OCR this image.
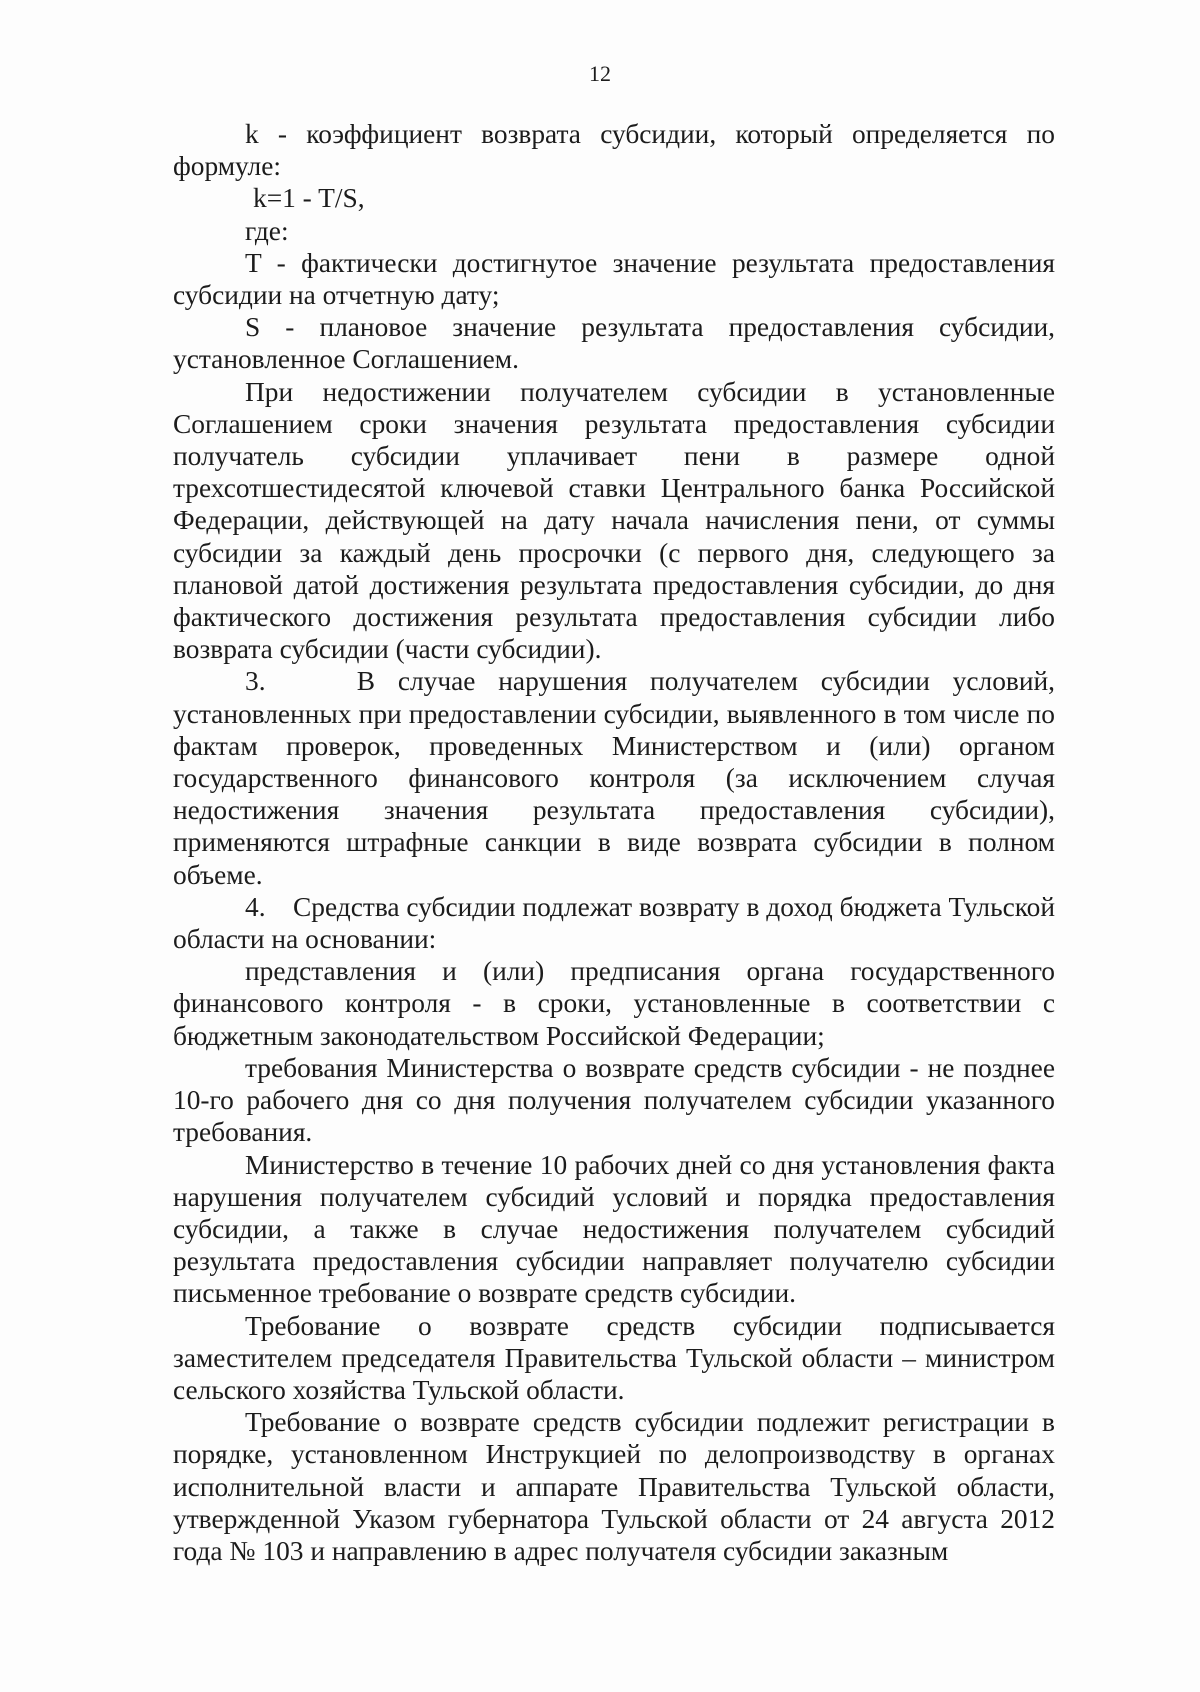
12

k - коэффициент возврата субсидии, который определяется по формуле:

k=1 - T/S,

где:

T - фактически достигнутое значение результата предоставления субсидии на отчетную дату;

S - плановое значение результата предоставления субсидии, установленное Соглашением.

При недостижении получателем субсидии в установленные Соглашением сроки значения результата предоставления субсидии получатель субсидии уплачивает пени в размере одной трехсотшестидесятой ключевой ставки Центрального банка Российской Федерации, действующей на дату начала начисления пени, от суммы субсидии за каждый день просрочки (с первого дня, следующего за плановой датой достижения результата предоставления субсидии, до дня фактического достижения результата предоставления субсидии либо возврата субсидии (части субсидии).

3.    В случае нарушения получателем субсидии условий, установленных при предоставлении субсидии, выявленного в том числе по фактам проверок, проведенных Министерством и (или) органом государственного финансового контроля (за исключением случая недостижения значения результата предоставления субсидии), применяются штрафные санкции в виде возврата субсидии в полном объеме.

4.    Средства субсидии подлежат возврату в доход бюджета Тульской области на основании:

представления и (или) предписания органа государственного финансового контроля - в сроки, установленные в соответствии с бюджетным законодательством Российской Федерации;

требования Министерства о возврате средств субсидии - не позднее 10-го рабочего дня со дня получения получателем субсидии указанного требования.

Министерство в течение 10 рабочих дней со дня установления факта нарушения получателем субсидий условий и порядка предоставления субсидии, а также в случае недостижения получателем субсидий результата предоставления субсидии направляет получателю субсидии письменное требование о возврате средств субсидии.

Требование о возврате средств субсидии подписывается заместителем председателя Правительства Тульской области – министром сельского хозяйства Тульской области.

Требование о возврате средств субсидии подлежит регистрации в порядке, установленном Инструкцией по делопроизводству в органах исполнительной власти и аппарате Правительства Тульской области, утвержденной Указом губернатора Тульской области от 24 августа 2012 года № 103 и направлению в адрес получателя субсидии заказным
